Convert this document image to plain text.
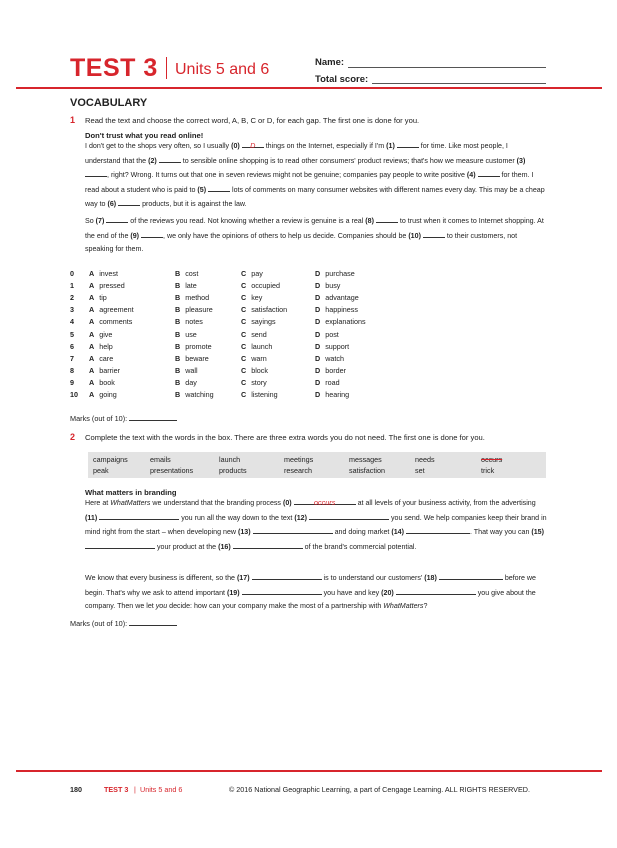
TEST 3 Units 5 and 6	Name:
Total score:
VOCABULARY
1 Read the text and choose the correct word, A, B, C or D, for each gap. The first one is done for you.
Don't trust what you read online!

I don't get to the shops very often, so I usually (0) D things on the Internet, especially if I'm (1)	for time. Like most people, I understand that the (2)	to sensible online shopping is to read other consumers' product reviews; that's how we measure customer (3) , right? Wrong. It turns out that one in seven reviews might not be genuine; companies pay people to write positive (4)	for them. I read about a student who is paid to (5)	lots of comments on many consumer websites with different names every day. This may be a cheap way to (6)	products, but it is against the law.

So (7)	of the reviews you read. Not knowing whether a review is genuine is a real (8)	to trust when it comes to Internet shopping. At the end of the (9)	, we only have the opinions of others to help us decide. Companies should be (10)	to their customers, not speaking for them.

0 A invest	B cost	C pay	D purchase
1 A pressed	B late	C occupied	D busy
2 A tip	B method	C key	D advantage
3 A agreement	B pleasure	C satisfaction	D happiness
4 A comments	B notes	C sayings	D explanations
5 A give	B use	C send	D post
6 A help	B promote	C launch	D support
7 A care	B beware	C warn	D watch
8 A barrier	B wall	C block	D border
9 A book	B day	C story	D road
10 A going	B watching	C listening	D hearing
Marks (out of 10):
2 Complete the text with the words in the box. There are three extra words you do not need. The first one is done for you.
campaigns	emails	launch	meetings	messages	needs	occurs
peak	presentations	products	research	satisfaction	set	trick
What matters in branding

Here at WhatMatters we understand that the branding process (0)	occurs	at all levels of your business activity, from the advertising (11)	you run all the way down to the text (12)	you send. We help companies keep their brand in mind right from the start – when developing new (13)	and doing market (14)	. That way you can (15)  your product at the (16)	of the brand's commercial potential.

We know that every business is different, so the (17)	is to understand our customers' (18)	before we begin. That's why we ask to attend important (19)	you have and key (20)	you give about the company. Then we let you decide: how can your company make the most of a partnership with WhatMatters?

Marks (out of 10):
180	TEST 3 | Units 5 and 6	© 2016 National Geographic Learning, a part of Cengage Learning. ALL RIGHTS RESERVED.
